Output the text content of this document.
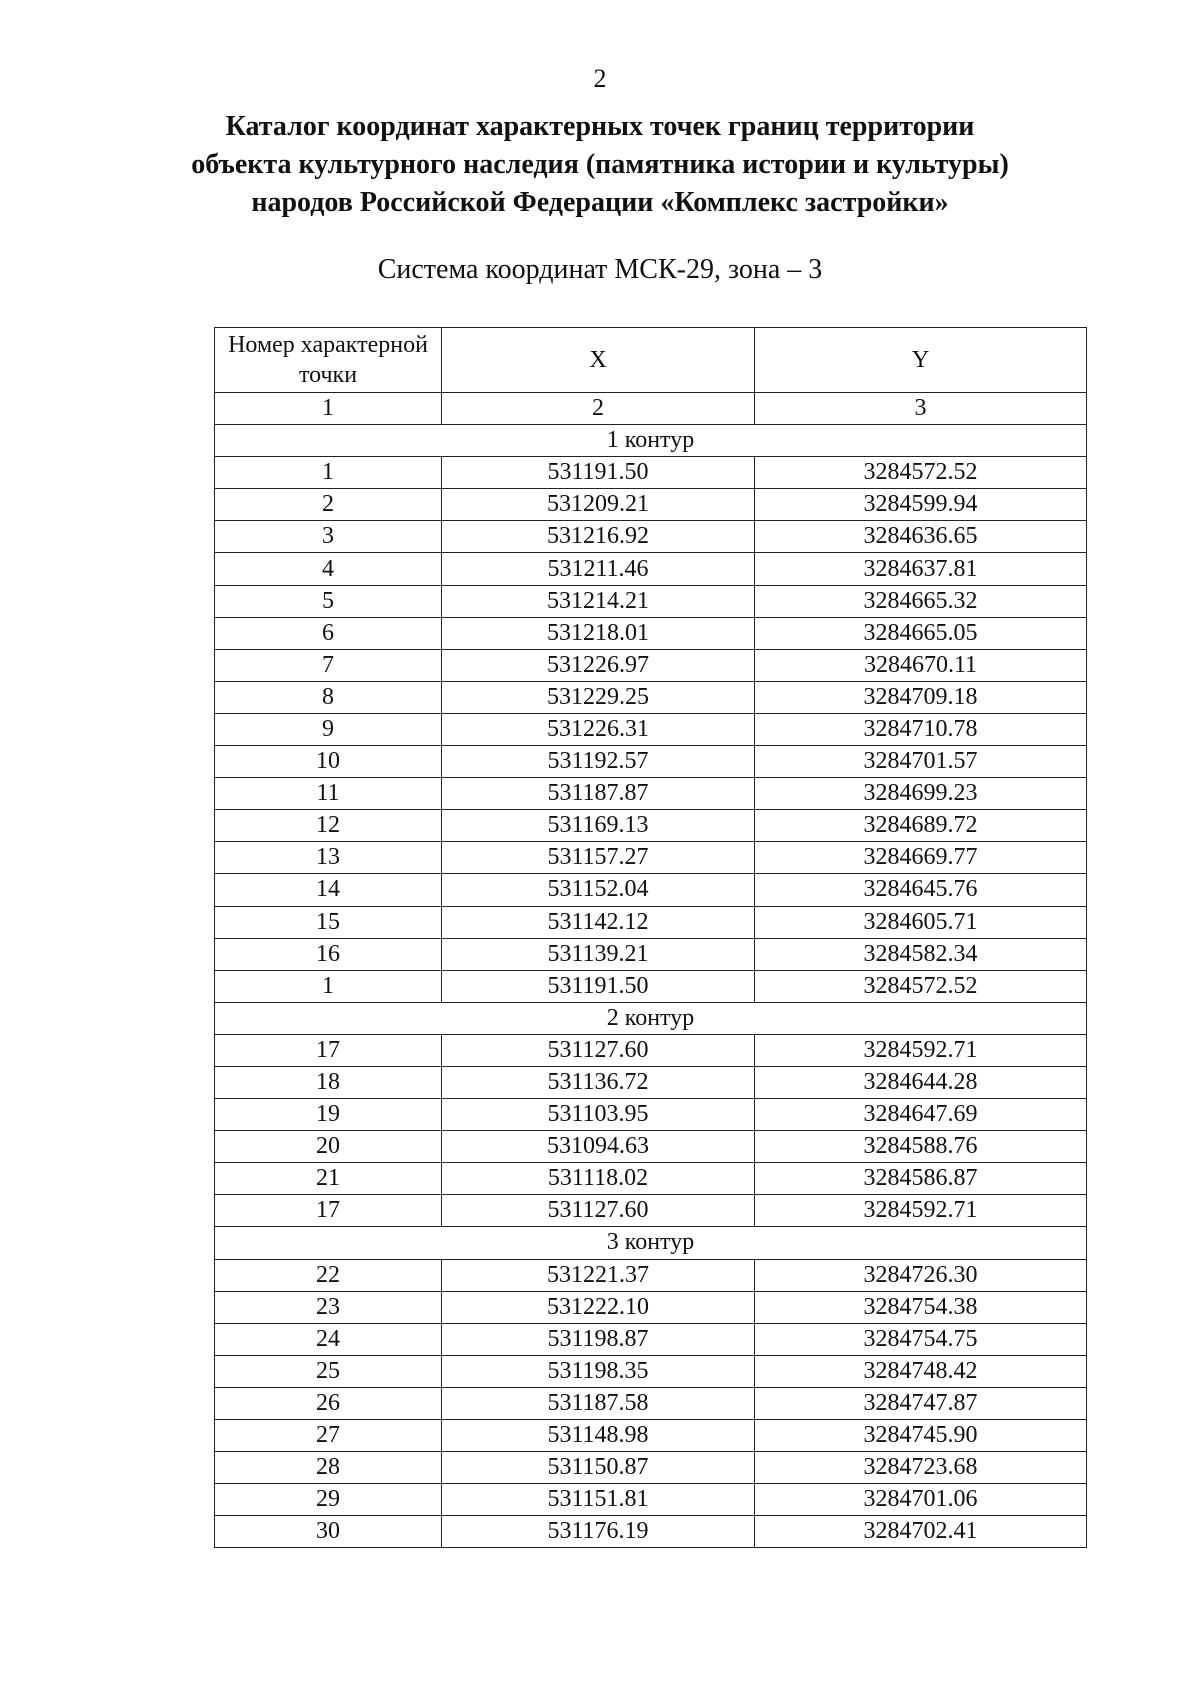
2
Каталог координат характерных точек границ территории
объекта культурного наследия (памятника истории и культуры)
народов Российской Федерации «Комплекс застройки»
Система координат МСК-29, зона – 3
Номер характерной точки	X	Y
1	2	3
1 контур		
1	531191.50	3284572.52
2	531209.21	3284599.94
3	531216.92	3284636.65
4	531211.46	3284637.81
5	531214.21	3284665.32
6	531218.01	3284665.05
7	531226.97	3284670.11
8	531229.25	3284709.18
9	531226.31	3284710.78
10	531192.57	3284701.57
11	531187.87	3284699.23
12	531169.13	3284689.72
13	531157.27	3284669.77
14	531152.04	3284645.76
15	531142.12	3284605.71
16	531139.21	3284582.34
1	531191.50	3284572.52
2 контур		
17	531127.60	3284592.71
18	531136.72	3284644.28
19	531103.95	3284647.69
20	531094.63	3284588.76
21	531118.02	3284586.87
17	531127.60	3284592.71
3 контур		
22	531221.37	3284726.30
23	531222.10	3284754.38
24	531198.87	3284754.75
25	531198.35	3284748.42
26	531187.58	3284747.87
27	531148.98	3284745.90
28	531150.87	3284723.68
29	531151.81	3284701.06
30	531176.19	3284702.41
